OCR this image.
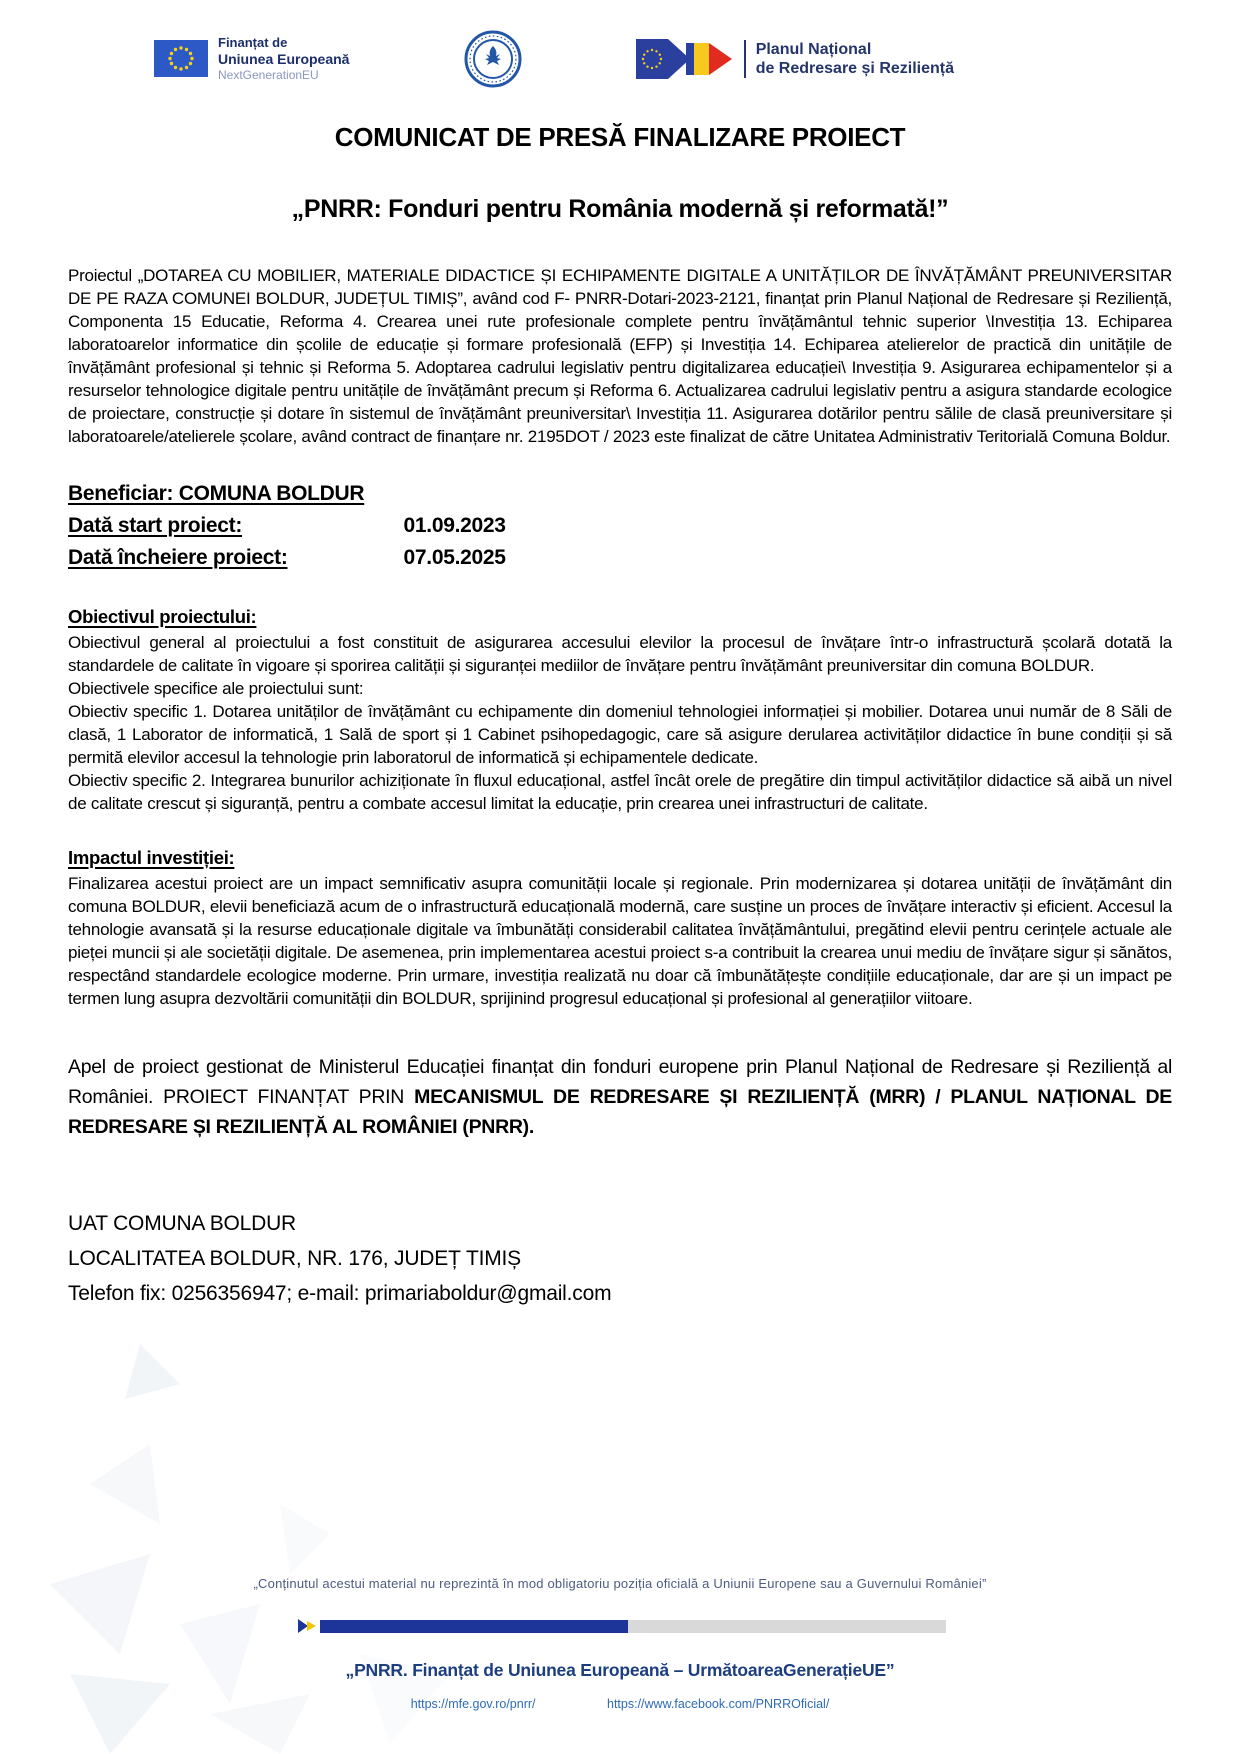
Finanțat de
Uniunea Europeană
NextGenerationEU
Planul Național
de Redresare și Reziliență
COMUNICAT DE PRESĂ FINALIZARE PROIECT
„PNRR: Fonduri pentru România modernă și reformată!”

Proiectul „DOTAREA CU MOBILIER, MATERIALE DIDACTICE ȘI ECHIPAMENTE DIGITALE A UNITĂȚILOR DE ÎNVĂȚĂMÂNT PREUNIVERSITAR DE PE RAZA COMUNEI BOLDUR, JUDEȚUL TIMIȘ”, având cod F- PNRR-Dotari-2023-2121, finanțat prin Planul Național de Redresare și Reziliență, Componenta 15 Educatie, Reforma 4. Crearea unei rute profesionale complete pentru învățământul tehnic superior \Investiția 13. Echiparea laboratoarelor informatice din școlile de educație și formare profesională (EFP) și Investiția 14. Echiparea atelierelor de practică din unitățile de învățământ profesional și tehnic și Reforma 5. Adoptarea cadrului legislativ pentru digitalizarea educației\ Investiția 9. Asigurarea echipamentelor și a resurselor tehnologice digitale pentru unitățile de învățământ precum și Reforma 6. Actualizarea cadrului legislativ pentru a asigura standarde ecologice de proiectare, construcție și dotare în sistemul de învățământ preuniversitar\ Investiția 11. Asigurarea dotărilor pentru sălile de clasă preuniversitare și laboratoarele/atelierele școlare, având contract de finanțare nr. 2195DOT / 2023 este finalizat de către Unitatea Administrativ Teritorială Comuna Boldur.

Beneficiar: COMUNA BOLDUR
Dată start proiect:	01.09.2023
Dată încheiere proiect:	07.05.2025
Obiectivul proiectului:

Obiectivul general al proiectului a fost constituit de asigurarea accesului elevilor la procesul de învățare într-o infrastructură școlară dotată la standardele de calitate în vigoare și sporirea calității și siguranței mediilor de învățare pentru învățământ preuniversitar din comuna BOLDUR.

Obiectivele specifice ale proiectului sunt:

Obiectiv specific 1. Dotarea unităților de învățământ cu echipamente din domeniul tehnologiei informației și mobilier. Dotarea unui număr de 8 Săli de clasă, 1 Laborator de informatică, 1 Sală de sport și 1 Cabinet psihopedagogic, care să asigure derularea activităților didactice în bune condiții și să permită elevilor accesul la tehnologie prin laboratorul de informatică și echipamentele dedicate.

Obiectiv specific 2. Integrarea bunurilor achiziționate în fluxul educațional, astfel încât orele de pregătire din timpul activităților didactice să aibă un nivel de calitate crescut și siguranță, pentru a combate accesul limitat la educație, prin crearea unei infrastructuri de calitate.

Impactul investiției:

Finalizarea acestui proiect are un impact semnificativ asupra comunității locale și regionale. Prin modernizarea și dotarea unității de învățământ din comuna BOLDUR, elevii beneficiază acum de o infrastructură educațională modernă, care susține un proces de învățare interactiv și eficient. Accesul la tehnologie avansată și la resurse educaționale digitale va îmbunătăți considerabil calitatea învățământului, pregătind elevii pentru cerințele actuale ale pieței muncii și ale societății digitale. De asemenea, prin implementarea acestui proiect s-a contribuit la crearea unui mediu de învățare sigur și sănătos, respectând standardele ecologice moderne. Prin urmare, investiția realizată nu doar că îmbunătățește condițiile educaționale, dar are și un impact pe termen lung asupra dezvoltării comunității din BOLDUR, sprijinind progresul educațional și profesional al generațiilor viitoare.

Apel de proiect gestionat de Ministerul Educației finanțat din fonduri europene prin Planul Național de Redresare și Reziliență al României. PROIECT FINANȚAT PRIN MECANISMUL DE REDRESARE ȘI REZILIENȚĂ (MRR) / PLANUL NAȚIONAL DE REDRESARE ȘI REZILIENȚĂ AL ROMÂNIEI (PNRR).

UAT COMUNA BOLDUR
LOCALITATEA BOLDUR, NR. 176, JUDEȚ TIMIȘ
Telefon fix: 0256356947; e-mail: primariaboldur@gmail.com
„Conținutul acestui material nu reprezintă în mod obligatoriu poziția oficială a Uniunii Europene sau a Guvernului României”
„PNRR. Finanțat de Uniunea Europeană – UrmătoareaGenerațieUE”
https://mfe.gov.ro/pnrr/	https://www.facebook.com/PNRROficial/
